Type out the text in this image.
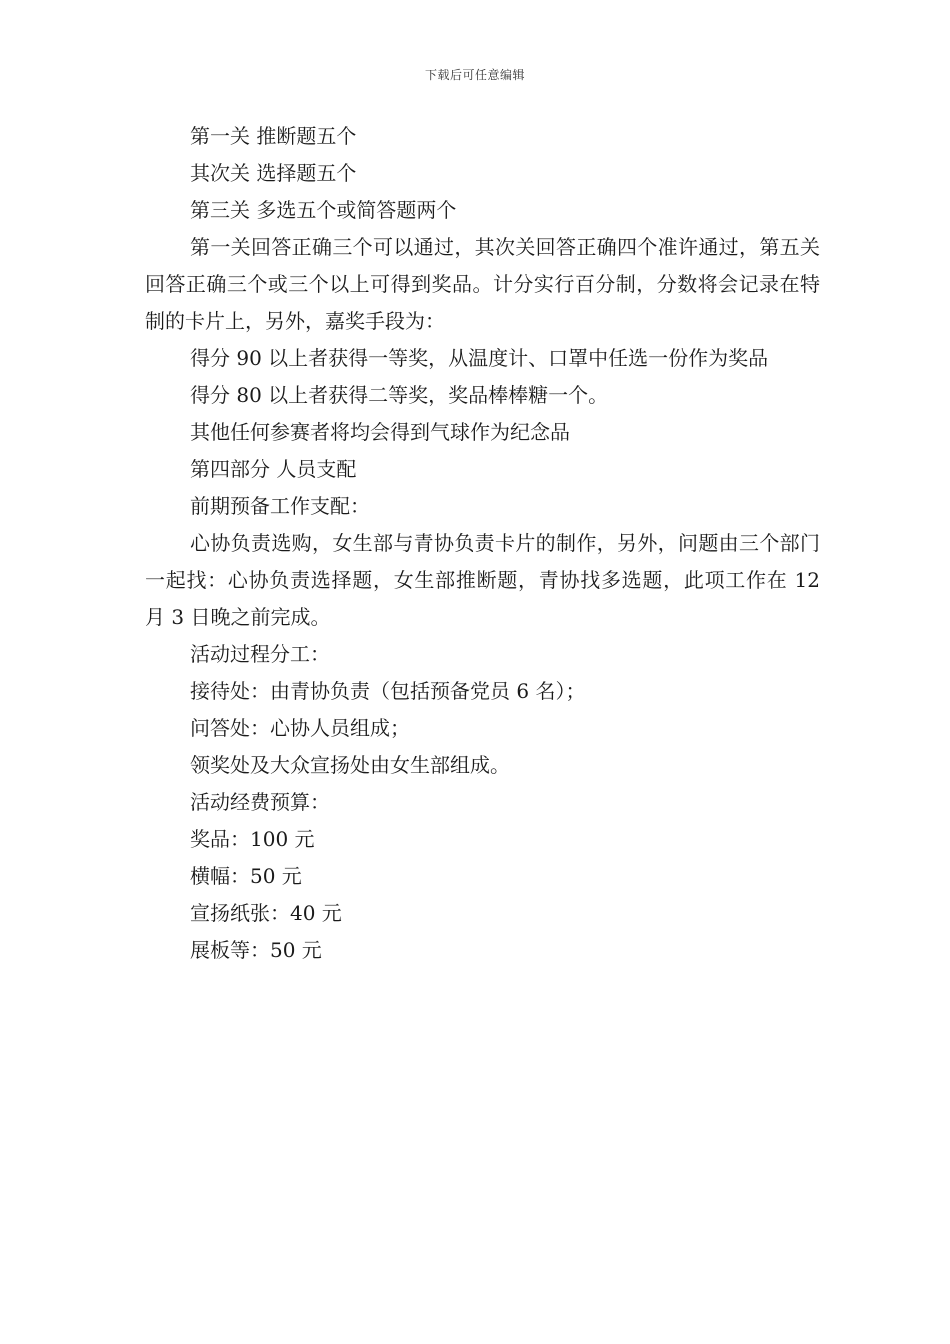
下载后可任意编辑

第一关 推断题五个

其次关 选择题五个

第三关 多选五个或简答题两个

第一关回答正确三个可以通过，其次关回答正确四个准许通过，第五关回答正确三个或三个以上可得到奖品。计分实行百分制，分数将会记录在特制的卡片上，另外，嘉奖手段为：

得分 90 以上者获得一等奖，从温度计、口罩中任选一份作为奖品

得分 80 以上者获得二等奖，奖品棒棒糖一个。

其他任何参赛者将均会得到气球作为纪念品

第四部分 人员支配

前期预备工作支配：

心协负责选购，女生部与青协负责卡片的制作，另外，问题由三个部门一起找：心协负责选择题，女生部推断题，青协找多选题，此项工作在 12 月 3 日晚之前完成。

活动过程分工：

接待处：由青协负责（包括预备党员 6 名）；

问答处：心协人员组成；

领奖处及大众宣扬处由女生部组成。

活动经费预算：

奖品：100 元

横幅：50 元

宣扬纸张：40 元

展板等：50 元
